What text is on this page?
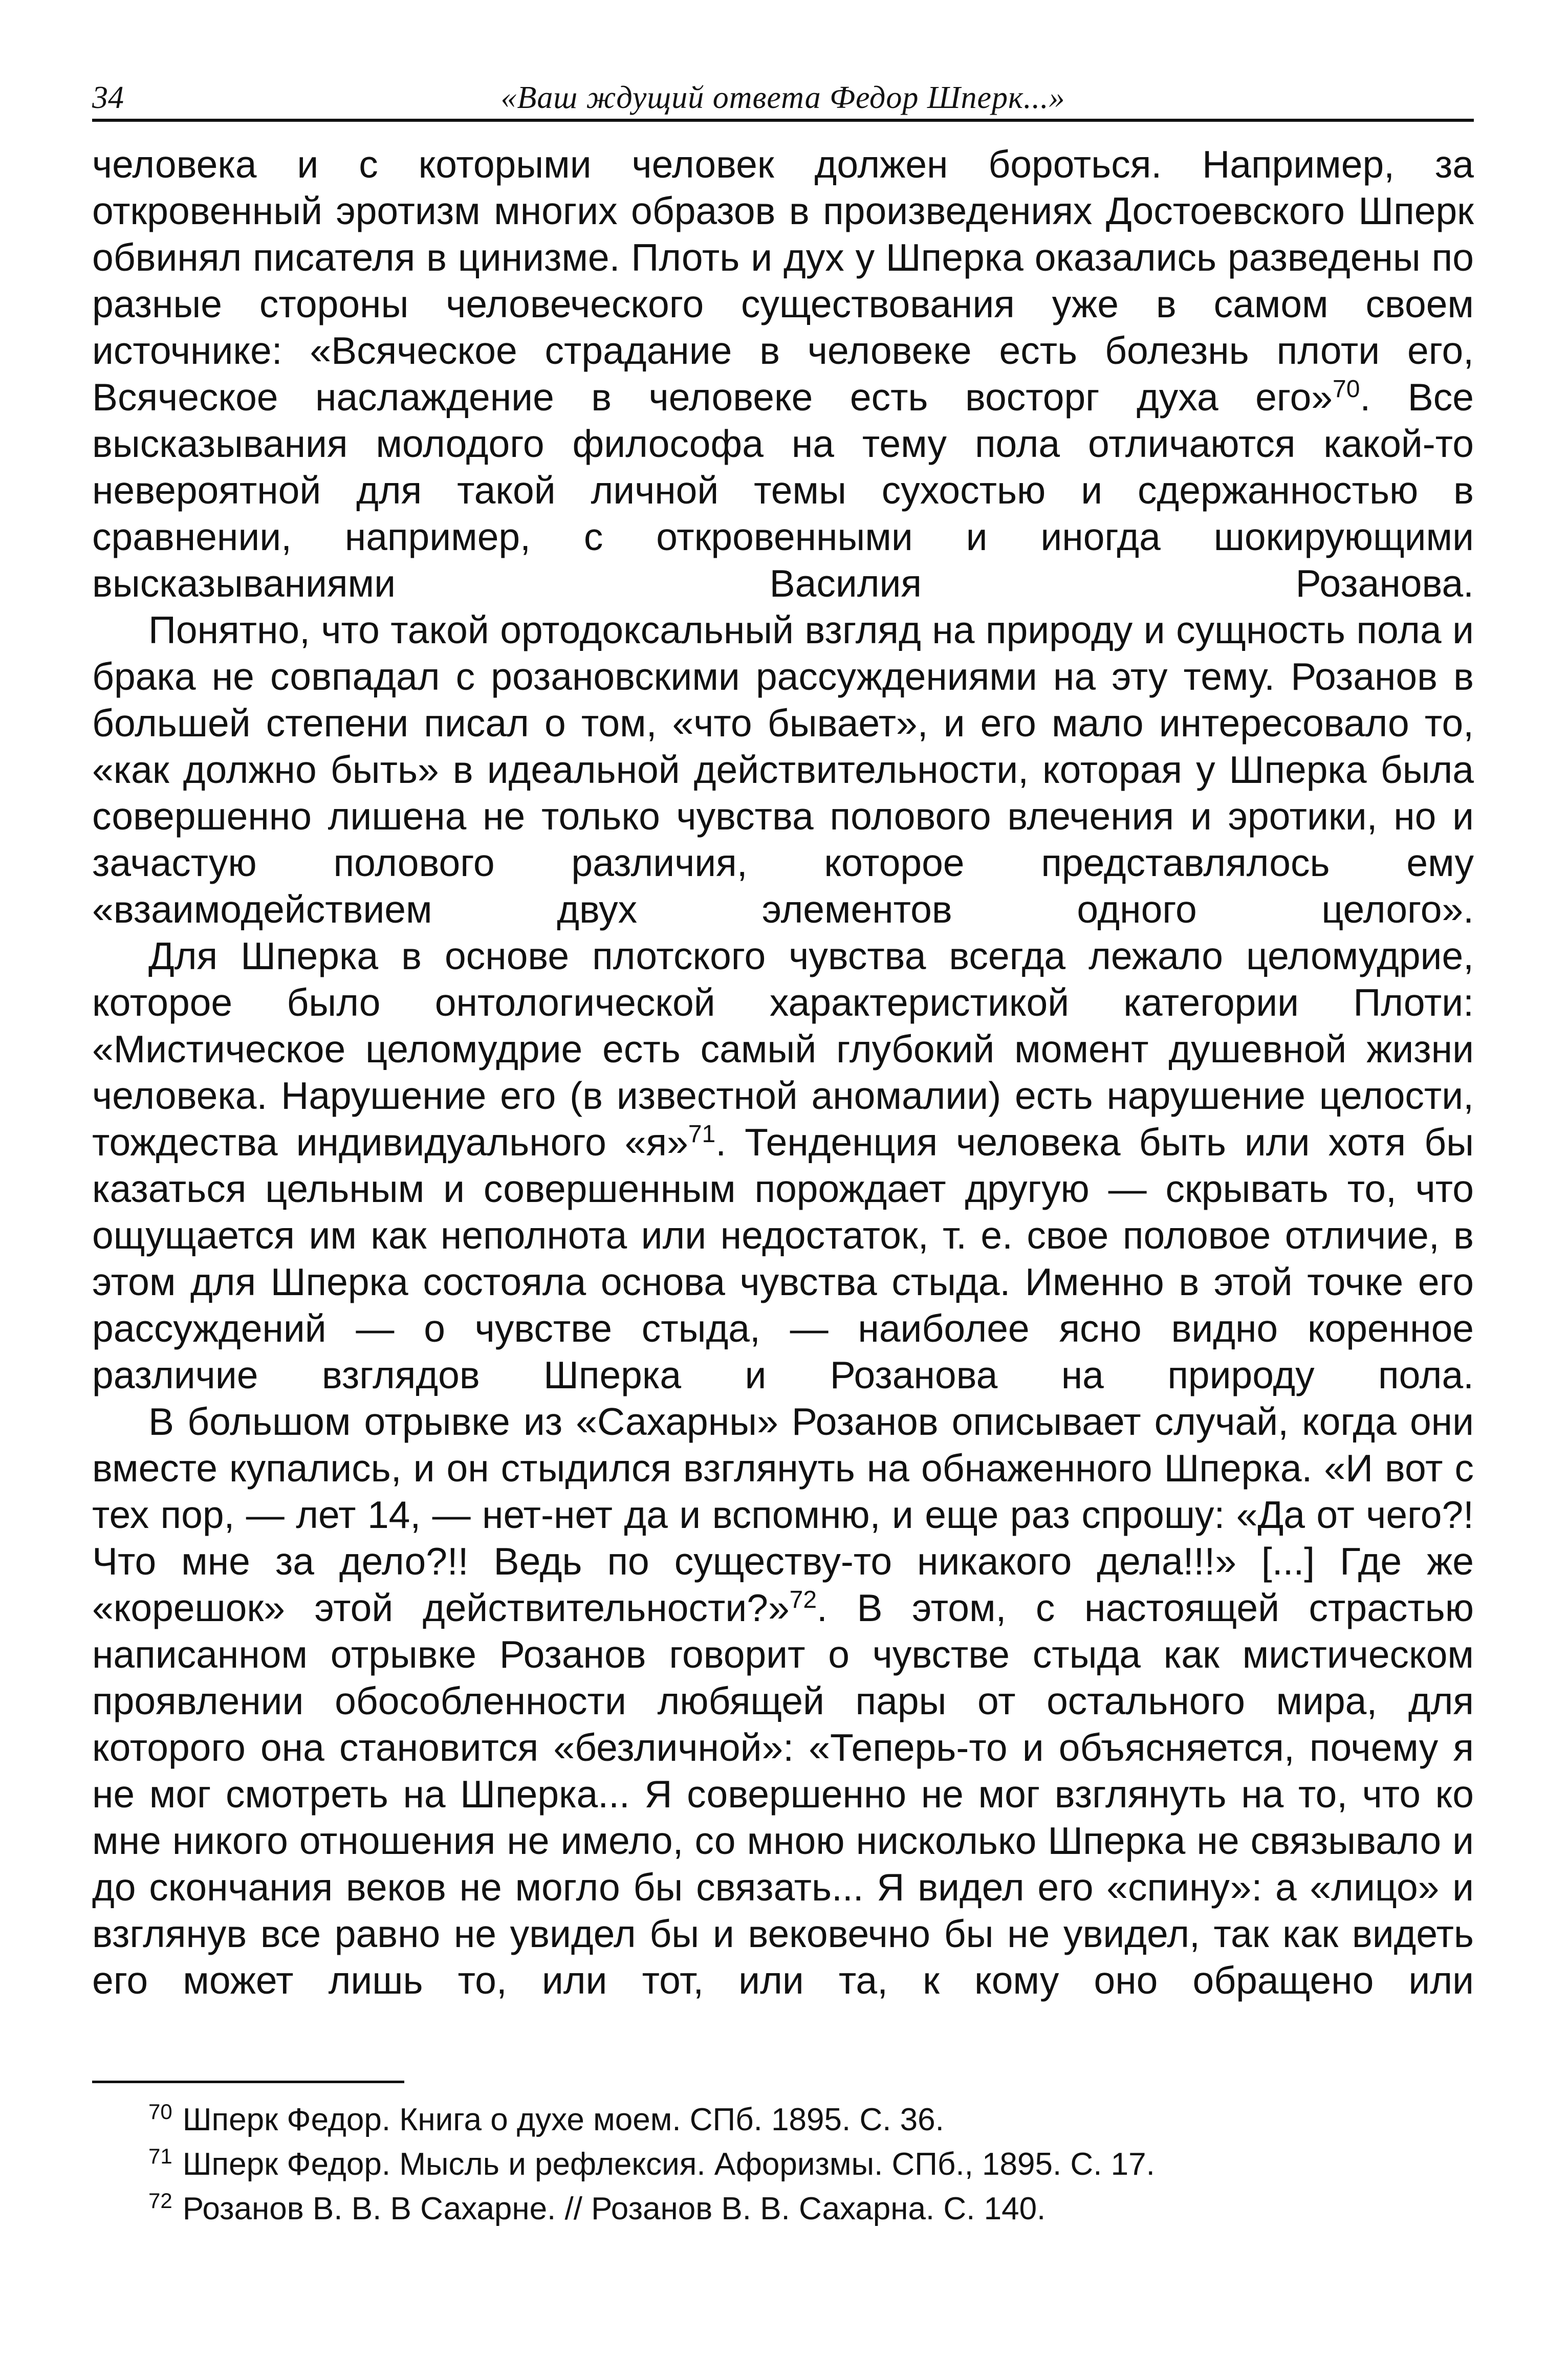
34	«Ваш ждущий ответа Федор Шперк...»

человека и с которыми человек должен бороться. Например, за откровенный эротизм многих образов в произведениях Достоевского Шперк обвинял писателя в цинизме. Плоть и дух у Шперка оказались разведены по разные стороны человеческого существования уже в самом своем источнике: «Всяческое страдание в человеке есть болезнь плоти его, Всяческое наслаждение в человеке есть восторг духа его»$^{70}$. Все высказывания молодого философа на тему пола отличаются какой-то невероятной для такой личной темы сухостью и сдержанностью в сравнении, например, с откровенными и иногда шокирующими высказываниями Василия Розанова.

Понятно, что такой ортодоксальный взгляд на природу и сущность пола и брака не совпадал с розановскими рассуждениями на эту тему. Розанов в большей степени писал о том, «что бывает», и его мало интересовало то, «как должно быть» в идеальной действительности, которая у Шперка была совершенно лишена не только чувства полового влечения и эротики, но и зачастую полового различия, которое представлялось ему «взаимодействием двух элементов одного целого».

Для Шперка в основе плотского чувства всегда лежало целомудрие, которое было онтологической характеристикой категории Плоти: «Мистическое целомудрие есть самый глубокий момент душевной жизни человека. Нарушение его (в известной аномалии) есть нарушение целости, тождества индивидуального «я»$^{71}$. Тенденция человека быть или хотя бы казаться цельным и совершенным порождает другую — скрывать то, что ощущается им как неполнота или недостаток, т. е. свое половое отличие, в этом для Шперка состояла основа чувства стыда. Именно в этой точке его рассуждений — о чувстве стыда, — наиболее ясно видно коренное различие взглядов Шперка и Розанова на природу пола.

В большом отрывке из «Сахарны» Розанов описывает случай, когда они вместе купались, и он стыдился взглянуть на обнаженного Шперка. «И вот с тех пор, — лет 14, — нет-нет да и вспомню, и еще раз спрошу: «Да от чего?! Что мне за дело?!! Ведь по существу-то никакого дела!!!» [...] Где же «корешок» этой действительности?»$^{72}$. В этом, с настоящей страстью написанном отрывке Розанов говорит о чувстве стыда как мистическом проявлении обособленности любящей пары от остального мира, для которого она становится «безличной»: «Теперь-то и объясняется, почему я не мог смотреть на Шперка... Я совершенно не мог взглянуть на то, что ко мне никого отношения не имело, со мною нисколько Шперка не связывало и до скончания веков не могло бы связать... Я видел его «спину»: а «лицо» и взглянув все равно не увидел бы и вековечно бы не увидел, так как видеть его может лишь то, или тот, или та, к кому оно обращено или

$^{70}$ Шперк Федор. Книга о духе моем. СПб. 1895. С. 36.
$^{71}$ Шперк Федор. Мысль и рефлексия. Афоризмы. СПб., 1895. С. 17.
$^{72}$ Розанов В. В. В Сахарне. // Розанов В. В. Сахарна. С. 140.
